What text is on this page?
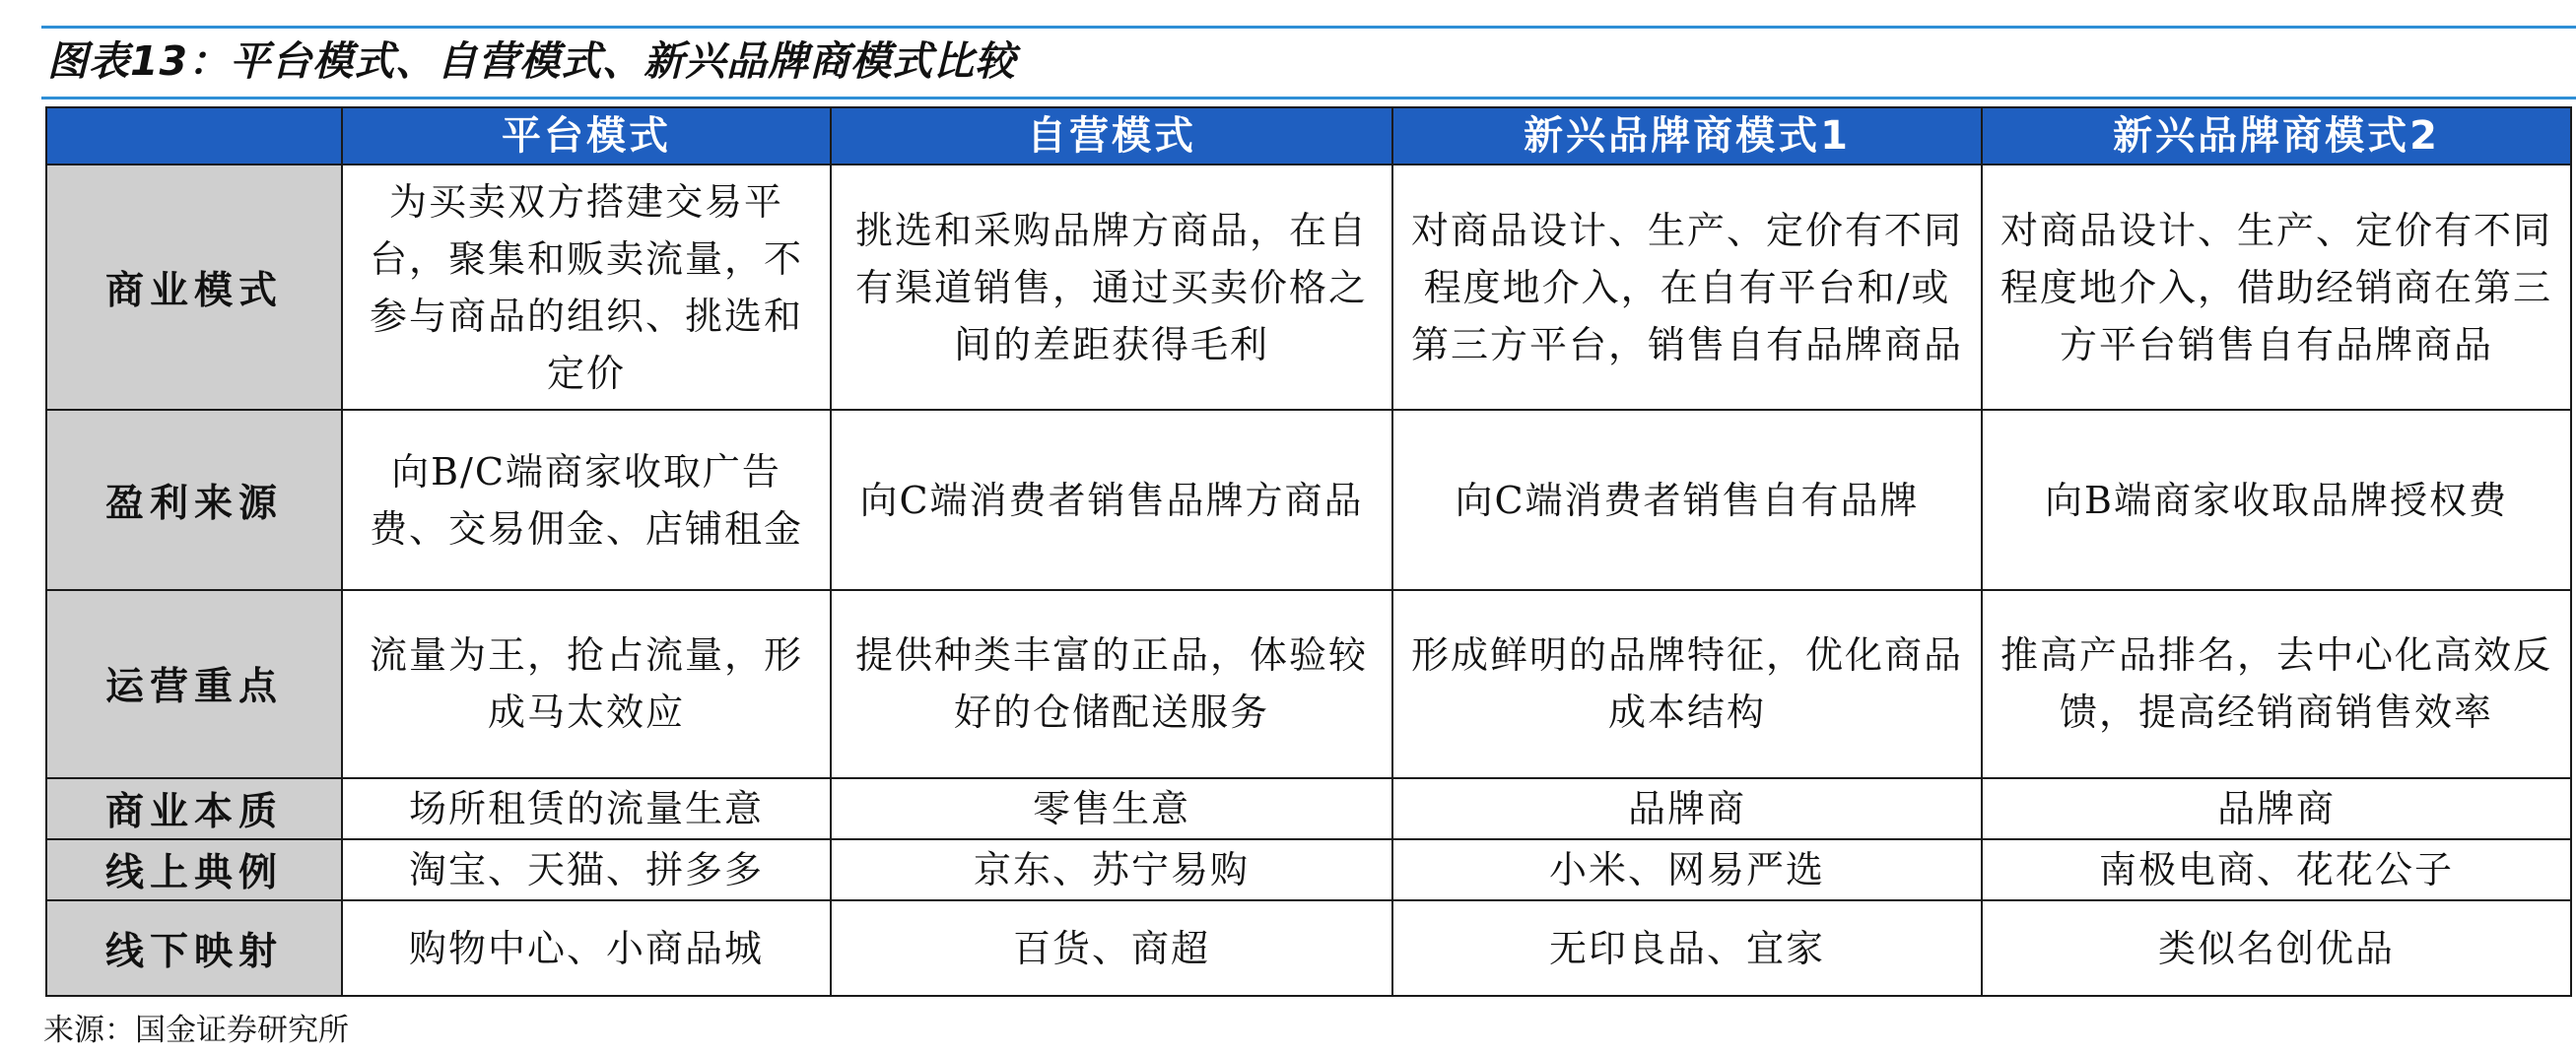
图表13：平台模式、自营模式、新兴品牌商模式比较
	平台模式	自营模式	新兴品牌商模式1	新兴品牌商模式2
商业模式	为买卖双方搭建交易平台，聚集和贩卖流量，不参与商品的组织、挑选和定价	挑选和采购品牌方商品，在自有渠道销售，通过买卖价格之间的差距获得毛利	对商品设计、生产、定价有不同程度地介入，在自有平台和/或第三方平台，销售自有品牌商品	对商品设计、生产、定价有不同程度地介入，借助经销商在第三方平台销售自有品牌商品
盈利来源	向B/C端商家收取广告费、交易佣金、店铺租金	向C端消费者销售品牌方商品	向C端消费者销售自有品牌	向B端商家收取品牌授权费
运营重点	流量为王，抢占流量，形成马太效应	提供种类丰富的正品，体验较好的仓储配送服务	形成鲜明的品牌特征，优化商品成本结构	推高产品排名，去中心化高效反馈，提高经销商销售效率
商业本质	场所租赁的流量生意	零售生意	品牌商	品牌商
线上典例	淘宝、天猫、拼多多	京东、苏宁易购	小米、网易严选	南极电商、花花公子
线下映射	购物中心、小商品城	百货、商超	无印良品、宜家	类似名创优品
来源：国金证券研究所
